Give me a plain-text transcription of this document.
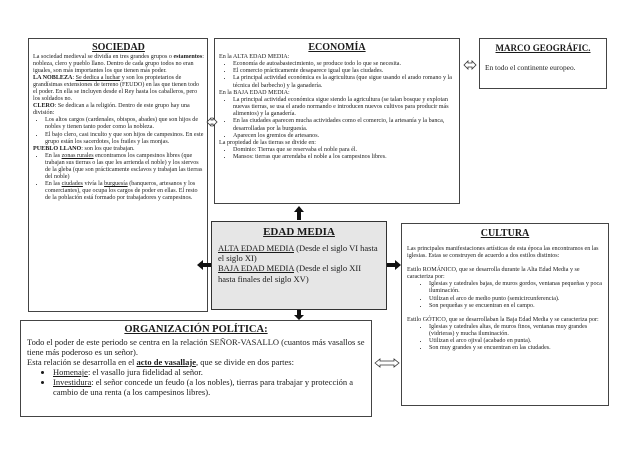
SOCIEDAD

La sociedad medieval se dividía en tres grandes grupos o estamentos: nobleza, clero y pueblo llano. Dentro de cada grupo todos no eran iguales, son más importantes los que tienen más poder.

LA NOBLEZA: Se dedica a luchar y son los propietarios de grandísimas extensiones de terreno (FEUDO) en las que tienen todo el poder. En ella se incluyen desde el Rey hasta los caballeros, pero los soldados no.

CLERO: Se dedican a la religión. Dentro de este grupo hay una división:

• Los altos cargos (cardenales, obispos, abades) que son hijos de nobles y tienen tanto poder como la nobleza.
• El bajo clero, casi inculto y que son hijos de campesinos. En este grupo están los sacerdotes, los frailes y las monjas.

PUEBLO LLANO: son los que trabajan.

• En las zonas rurales encontramos los campesinos libres (que trabajan sus tierras o las que les arrienda el noble) y los siervos de la gleba (que son prácticamente esclavos y trabajan las tierras del noble)
• En las ciudades vivía la burguesía (banqueros, artesanos y los comerciantes), que ocupa los cargos de poder en ellas. El resto de la población está formado por trabajadores y campesinos.
ECONOMÍA

En la ALTA EDAD MEDIA:

• Economía de autoabastecimiento, se produce todo lo que se necesita.
• El comercio prácticamente desaparece igual que las ciudades.
• La principal actividad económica es la agricultura (que sigue usando el arado romano y la técnica del barbecho) y la ganadería.

En la BAJA EDAD MEDIA:

• La principal actividad económica sigue siendo la agricultura (se talan bosque y explotan nuevas tierras, se usa el arado normando e introducen nuevos cultivos para producir más alimentos) y la ganadería.
• En las ciudades aparecen mucha actividades como el comercio, la artesanía y la banca, desarrolladas por la burguesía.
• Aparecen los gremios de artesanos.

La propiedad de las tierras se divide en:

• Dominio: Tierras que se reservaba el noble para él.
• Mansos: tierras que arrendaba el noble a los campesinos libres.
MARCO GEOGRÁFIC.

En todo el continente europeo.

EDAD MEDIA

ALTA EDAD MEDIA (Desde el siglo VI hasta el siglo XI)

BAJA EDAD MEDIA (Desde el siglo XII hasta finales del siglo XV)

CULTURA

Las principales manifestaciones artísticas de esta época las encontramos en las iglesias. Estas se construyen de acuerdo a dos estilos distintos:

Estilo ROMÁNICO, que se desarrolla durante la Alta Edad Media y se caracteriza por:

• Iglesias y catedrales bajas, de muros gordos, ventanas pequeñas y poca iluminación.
• Utilizan el arco de medio punto (semicircunferencia).
• Son pequeñas y se encuentran en el campo.

Estilo GÓTICO, que se desarrollaban la Baja Edad Media y se caracteriza por:

• Iglesias y catedrales altas, de muros finos, ventanas muy grandes (vidrieras) y mucha iluminación.
• Utilizan el arco ojival (acabado en punta).
• Son muy grandes y se encuentran en las ciudades.
ORGANIZACIÓN POLÍTICA:

Todo el poder de este periodo se centra en la relación SEÑOR-VASALLO (cuantos más vasallos se tiene más poderoso es un señor).

Esta relación se desarrolla en el acto de vasallaje, que se divide en dos partes:

• Homenaje: el vasallo jura fidelidad al señor.
• Investidura: el señor concede un feudo (a los nobles), tierras para trabajar y protección a cambio de una renta (a los campesinos libres).
